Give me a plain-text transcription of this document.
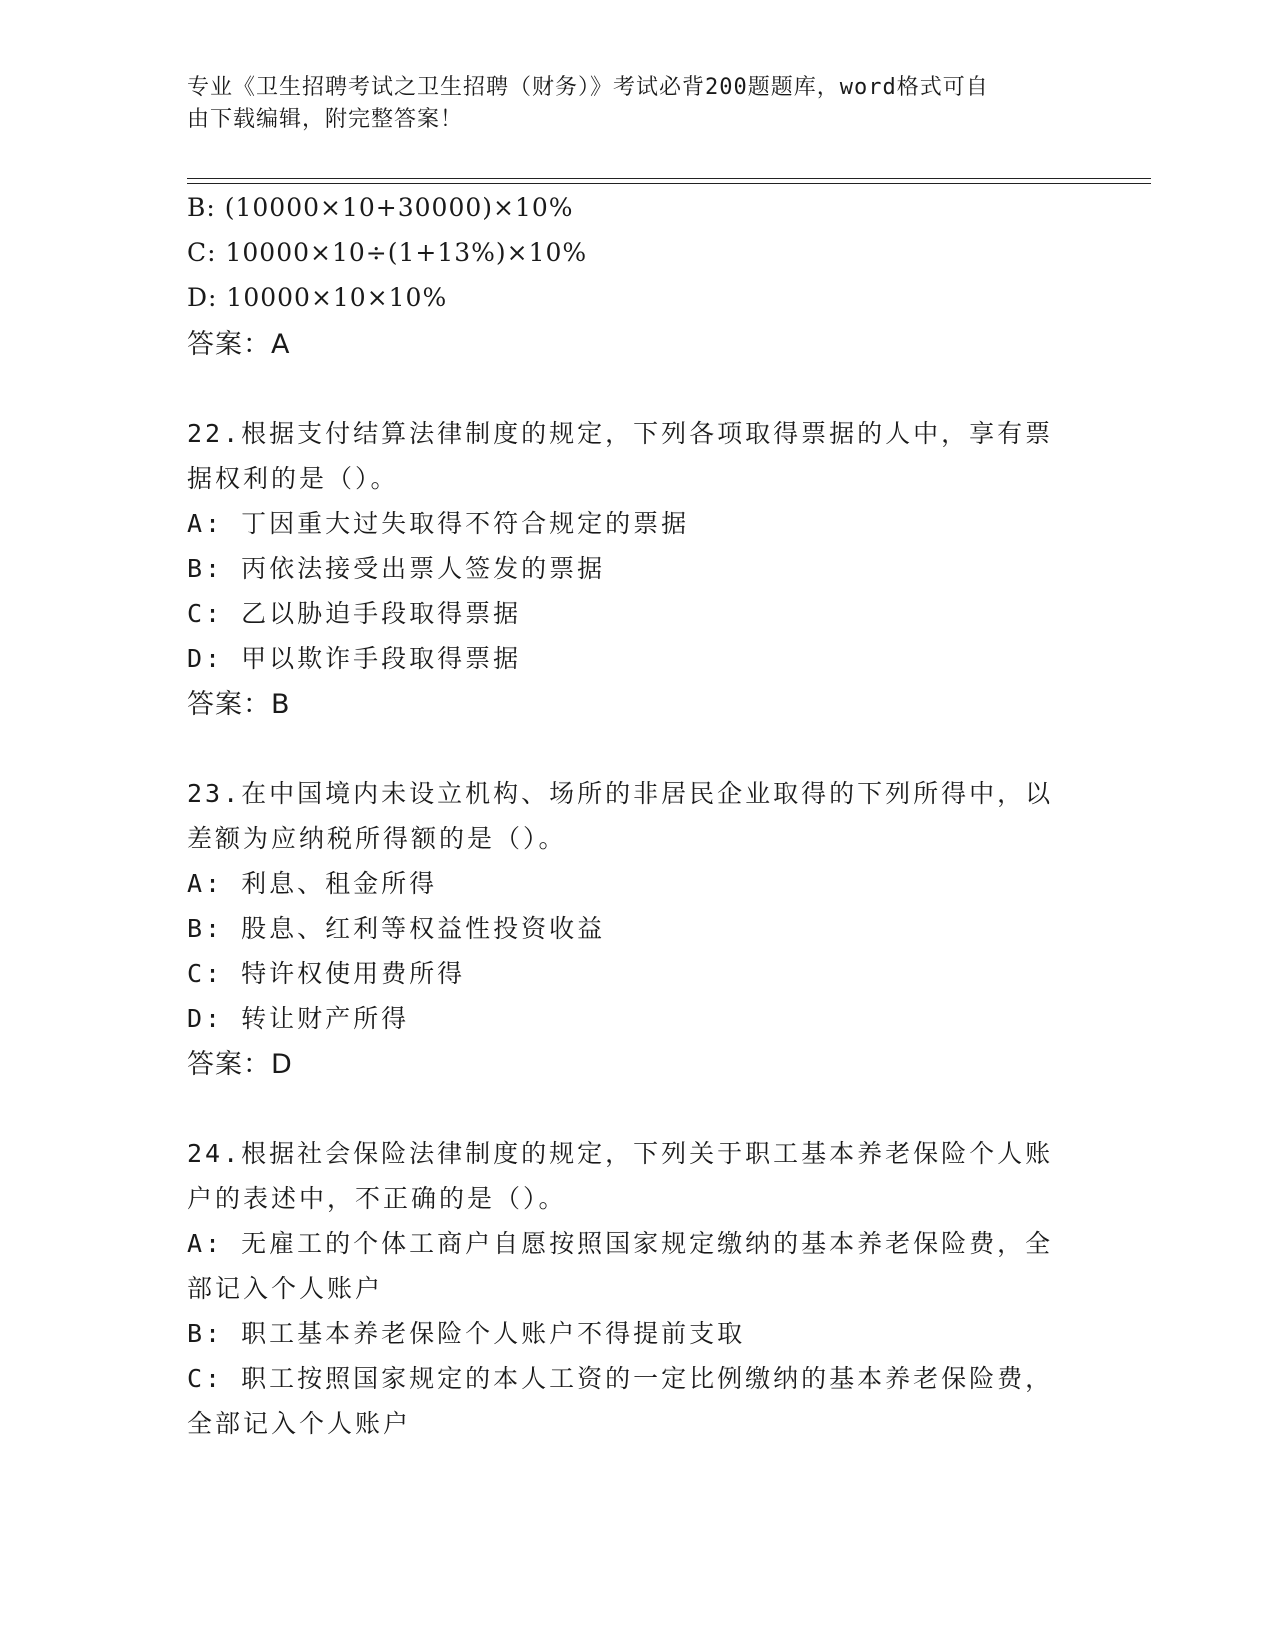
专业《卫生招聘考试之卫生招聘（财务）》考试必背200题题库，word格式可自
由下载编辑，附完整答案！
B: (10000×10+30000)×10%
C: 10000×10÷(1+13%)×10%
D: 10000×10×10%
答案：A
22.根据支付结算法律制度的规定，下列各项取得票据的人中，享有票
据权利的是（）。
A: 丁因重大过失取得不符合规定的票据
B: 丙依法接受出票人签发的票据
C: 乙以胁迫手段取得票据
D: 甲以欺诈手段取得票据
答案：B
23.在中国境内未设立机构、场所的非居民企业取得的下列所得中，以
差额为应纳税所得额的是（）。
A: 利息、租金所得
B: 股息、红利等权益性投资收益
C: 特许权使用费所得
D: 转让财产所得
答案：D
24.根据社会保险法律制度的规定，下列关于职工基本养老保险个人账
户的表述中，不正确的是（）。
A: 无雇工的个体工商户自愿按照国家规定缴纳的基本养老保险费，全
部记入个人账户
B: 职工基本养老保险个人账户不得提前支取
C: 职工按照国家规定的本人工资的一定比例缴纳的基本养老保险费，
全部记入个人账户
